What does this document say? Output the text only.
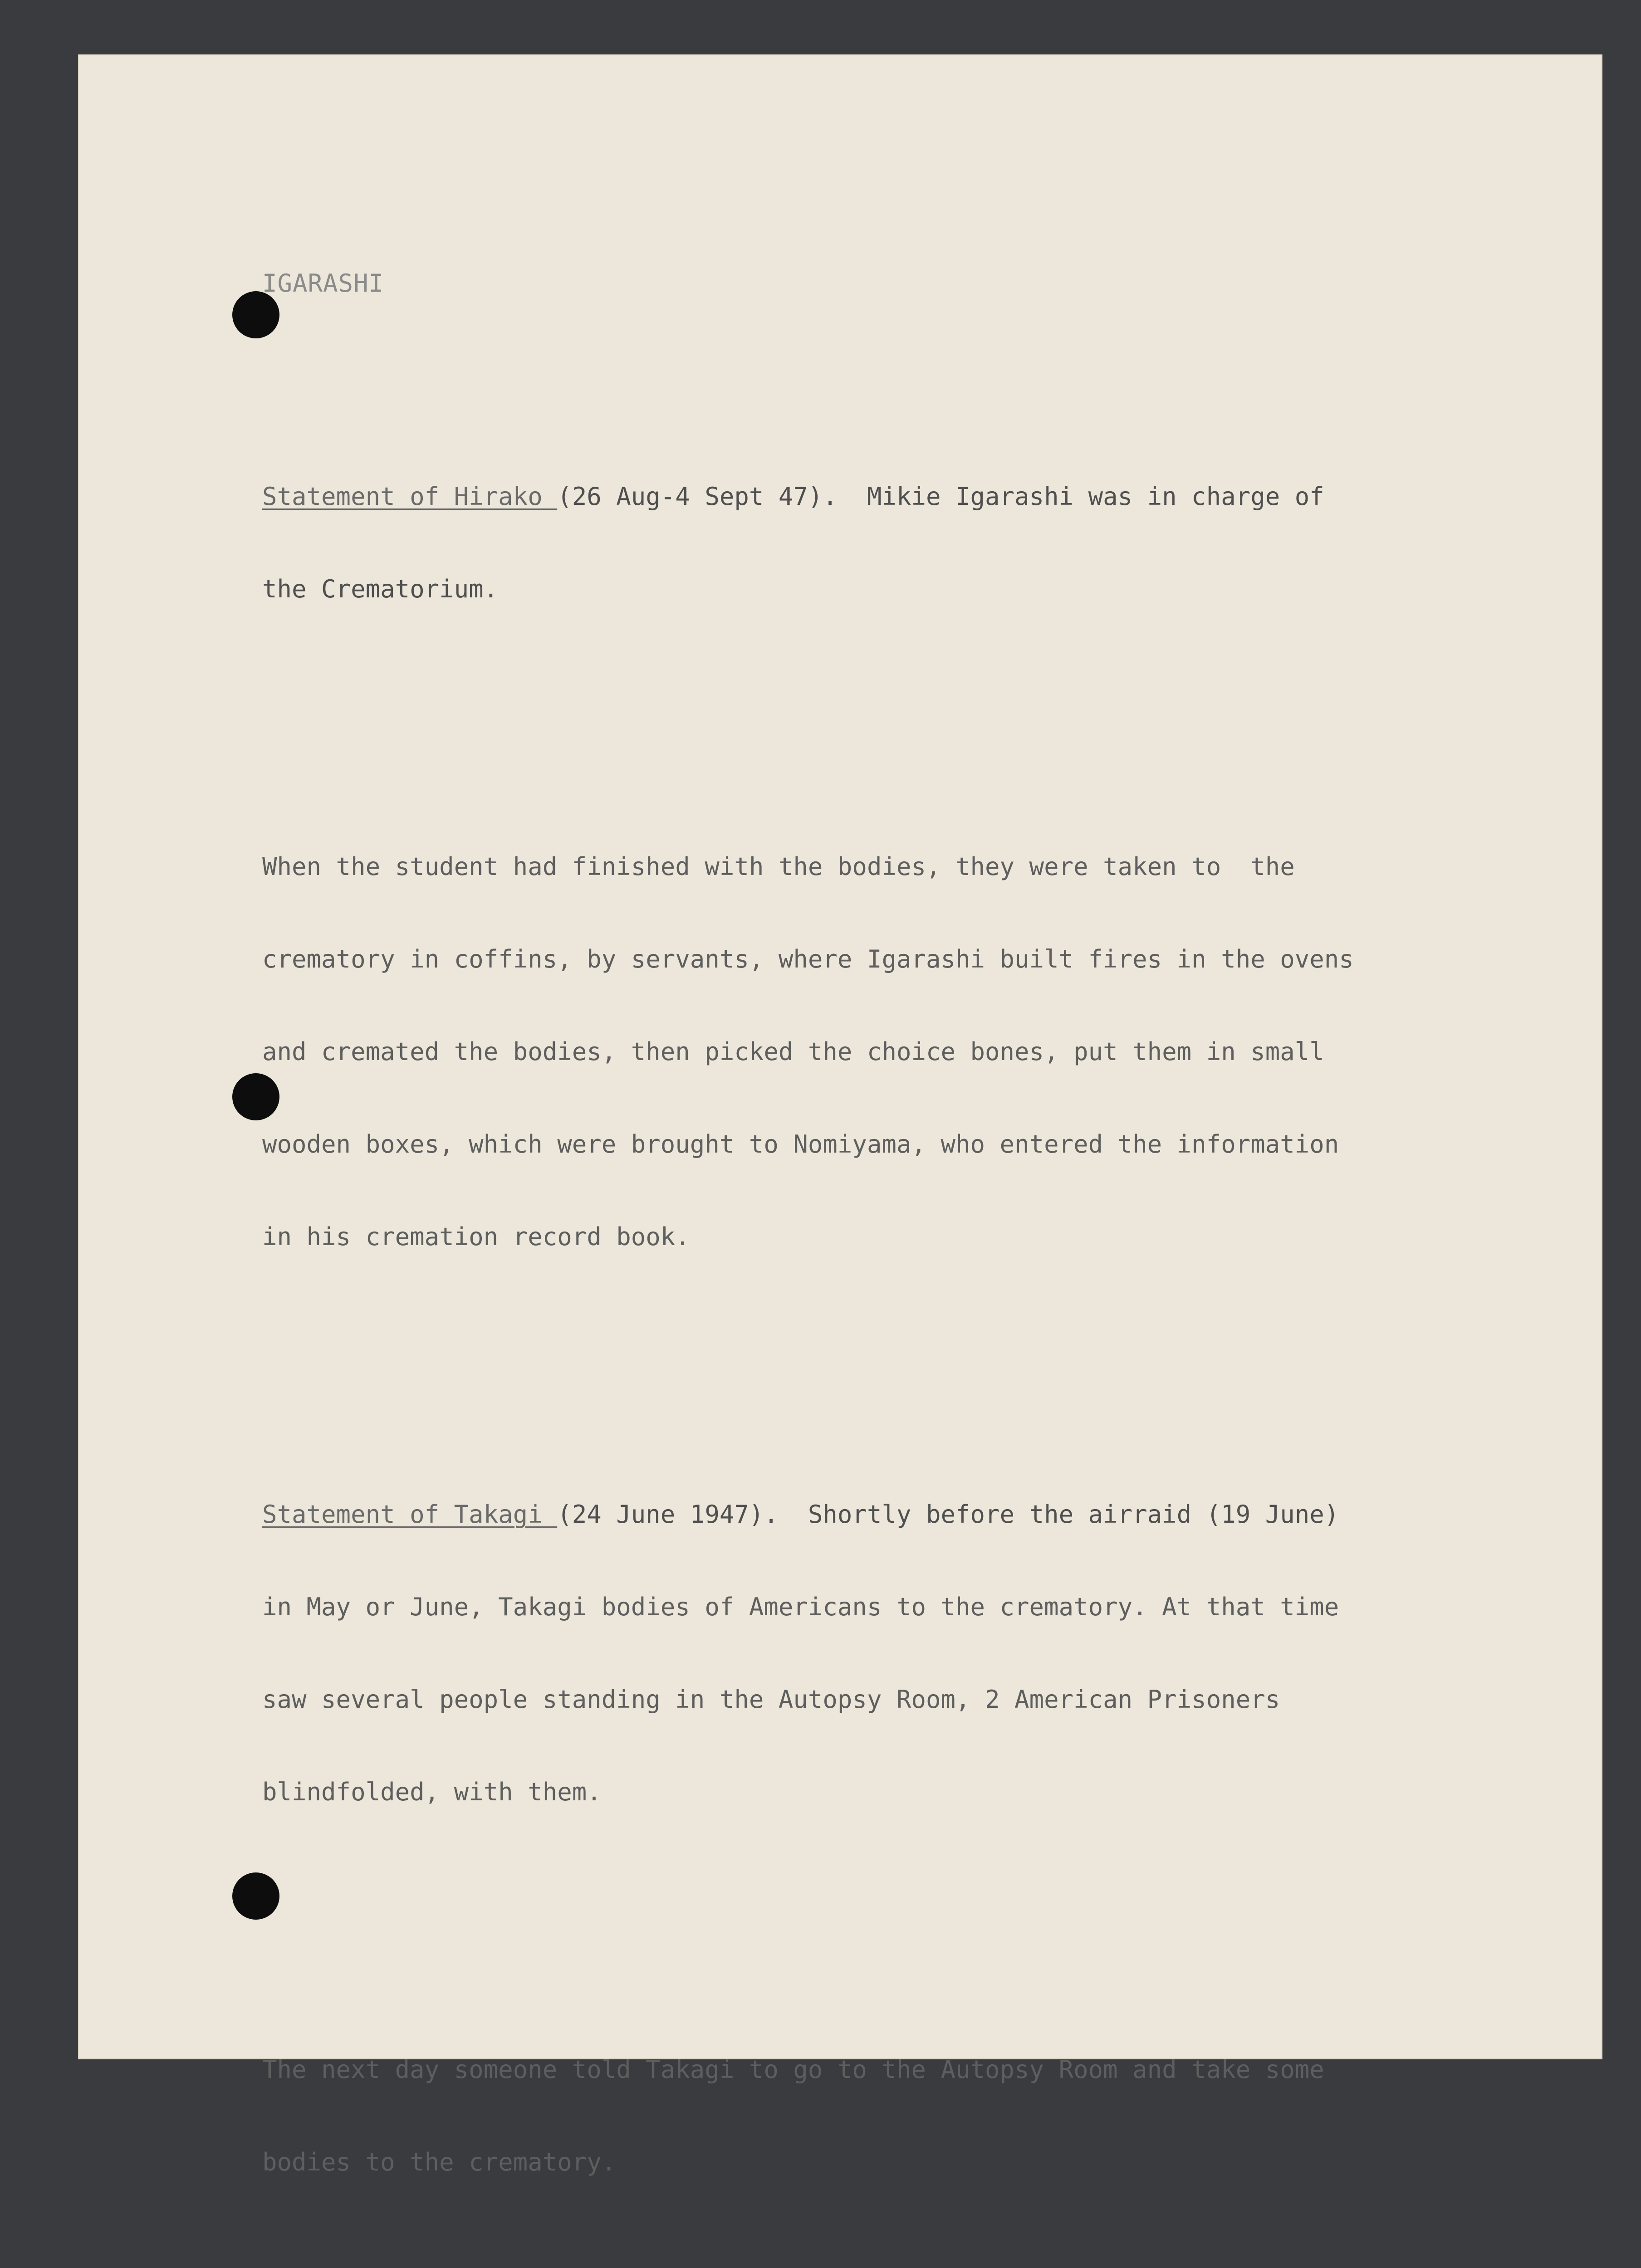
IGARASHI

Statement of Hirako (26 Aug-4 Sept 47).  Mikie Igarashi was in charge of

the Crematorium.

When the student had finished with the bodies, they were taken to  the

crematory in coffins, by servants, where Igarashi built fires in the ovens

and cremated the bodies, then picked the choice bones, put them in small

wooden boxes, which were brought to Nomiyama, who entered the information

in his cremation record book.

Statement of Takagi (24 June 1947).  Shortly before the airraid (19 June)

in May or June, Takagi bodies of Americans to the crematory. At that time

saw several people standing in the Autopsy Room, 2 American Prisoners

blindfolded, with them.

The next day someone told Takagi to go to the Autopsy Room and take some

bodies to the crematory.
